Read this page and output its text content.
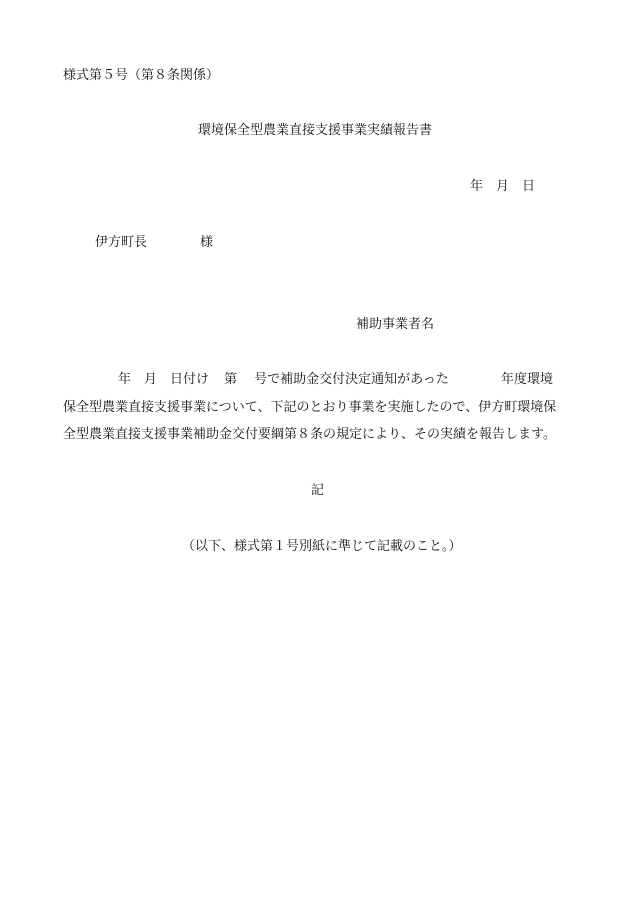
様式第５号（第８条関係）
環境保全型農業直接支援事業実績報告書
年 月 日
伊方町長	様
補助事業者名
年 月 日付け 第 号で補助金交付決定通知があった	年度環境
保全型農業直接支援事業について、下記のとおり事業を実施したので、伊方町環境保
全型農業直接支援事業補助金交付要綱第８条の規定により、その実績を報告します。
記
（以下、様式第１号別紙に準じて記載のこと。）
